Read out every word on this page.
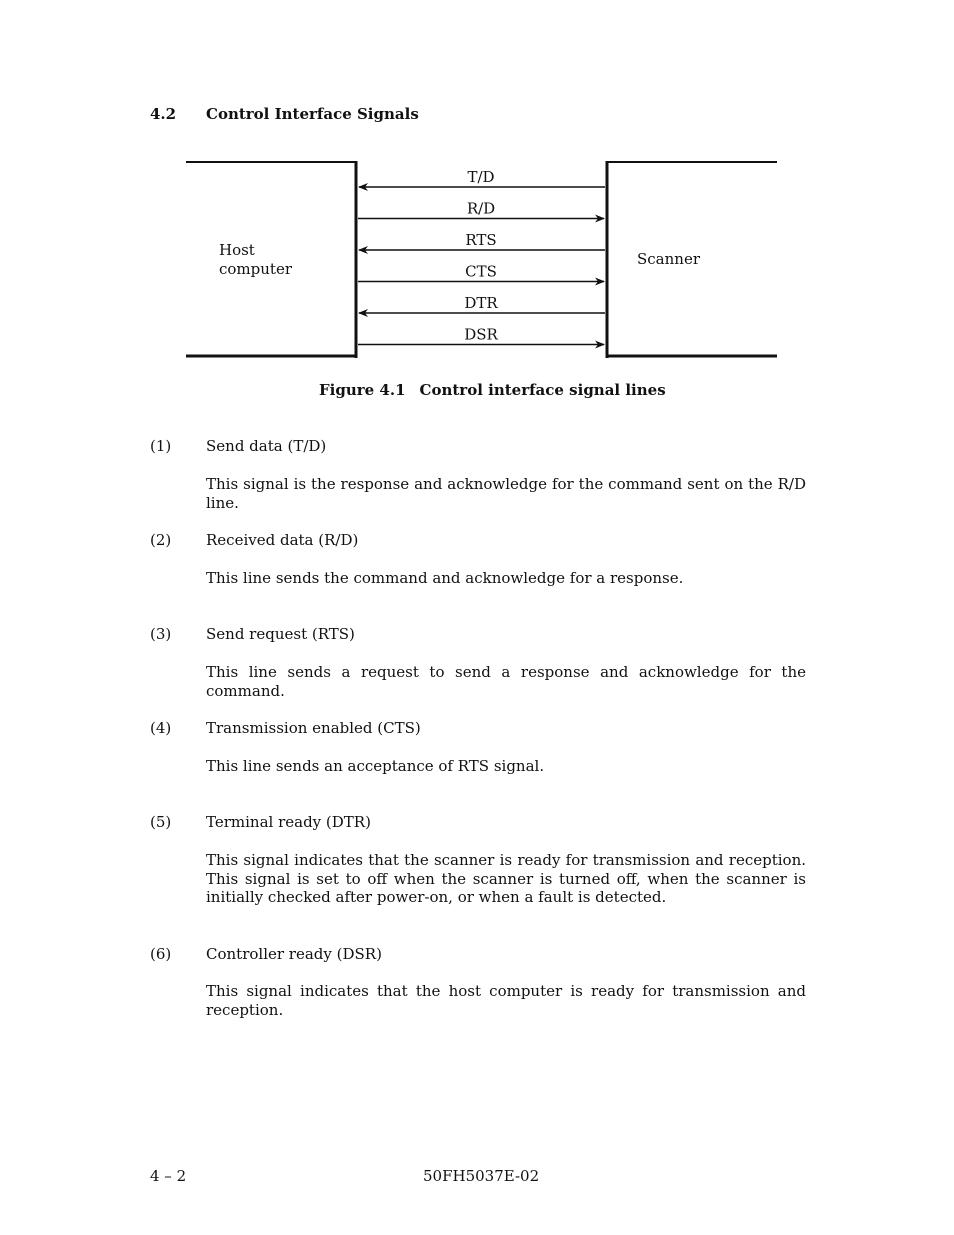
4.2 Control Interface Signals
Host
computer
Scanner
T/D
R/D
RTS
CTS
DTR
DSR
Figure 4.1 Control interface signal lines
(1) Send data (T/D)
This signal is the response and acknowledge for the command sent on the R/D line.
(2) Received data (R/D)
This line sends the command and acknowledge for a response.
(3) Send request (RTS)
This line sends a request to send a response and acknowledge for the command.
(4) Transmission enabled (CTS)
This line sends an acceptance of RTS signal.
(5) Terminal ready (DTR)
This signal indicates that the scanner is ready for transmission and reception. This signal is set to off when the scanner is turned off, when the scanner is initially checked after power-on, or when a fault is detected.
(6) Controller ready (DSR)
This signal indicates that the host computer is ready for transmission and reception.
4 – 2	50FH5037E-02
